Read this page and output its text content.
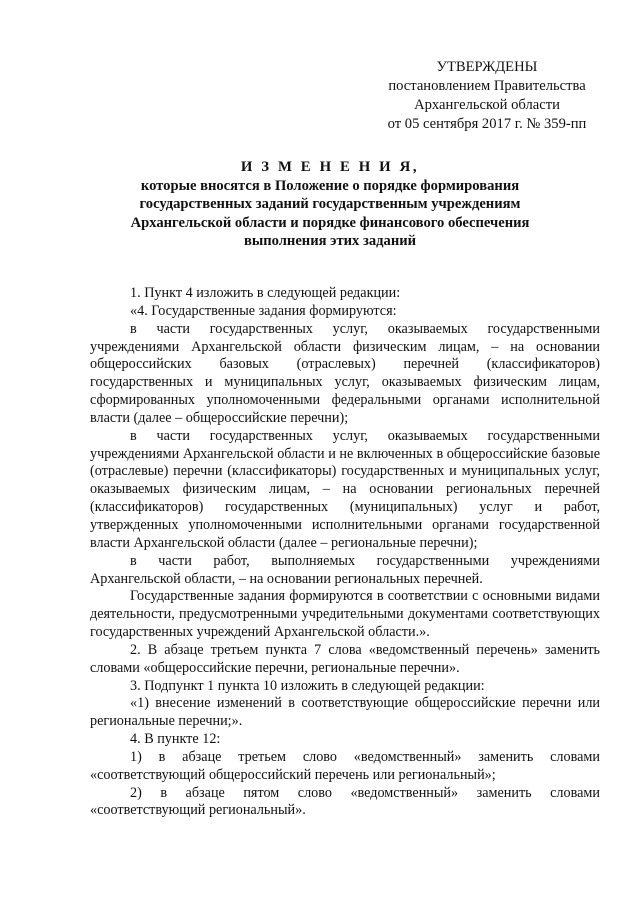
УТВЕРЖДЕНЫ
постановлением Правительства
Архангельской области
от 05 сентября 2017 г. № 359-пп
И З М Е Н Е Н И Я,
которые вносятся в Положение о порядке формирования
государственных заданий государственным учреждениям
Архангельской области и порядке финансового обеспечения
выполнения этих заданий

1. Пункт 4 изложить в следующей редакции:

«4. Государственные задания формируются:

в части государственных услуг, оказываемых государственными учреждениями Архангельской области физическим лицам, – на основании общероссийских базовых (отраслевых) перечней (классификаторов) государственных и муниципальных услуг, оказываемых физическим лицам, сформированных уполномоченными федеральными органами исполнительной власти (далее – общероссийские перечни);

в части государственных услуг, оказываемых государственными учреждениями Архангельской области и не включенных в общероссийские базовые (отраслевые) перечни (классификаторы) государственных и муниципальных услуг, оказываемых физическим лицам, – на основании региональных перечней (классификаторов) государственных (муниципальных) услуг и работ, утвержденных уполномоченными исполнительными органами государственной власти Архангельской области (далее – региональные перечни);

в части работ, выполняемых государственными учреждениями Архангельской области, – на основании региональных перечней.

Государственные задания формируются в соответствии с основными видами деятельности, предусмотренными учредительными документами соответствующих государственных учреждений Архангельской области.».

2. В абзаце третьем пункта 7 слова «ведомственный перечень» заменить словами «общероссийские перечни, региональные перечни».

3. Подпункт 1 пункта 10 изложить в следующей редакции:

«1) внесение изменений в соответствующие общероссийские перечни или региональные перечни;».

4. В пункте 12:

1) в абзаце третьем слово «ведомственный» заменить словами «соответствующий общероссийский перечень или региональный»;

2) в абзаце пятом слово «ведомственный» заменить словами «соответствующий региональный».
